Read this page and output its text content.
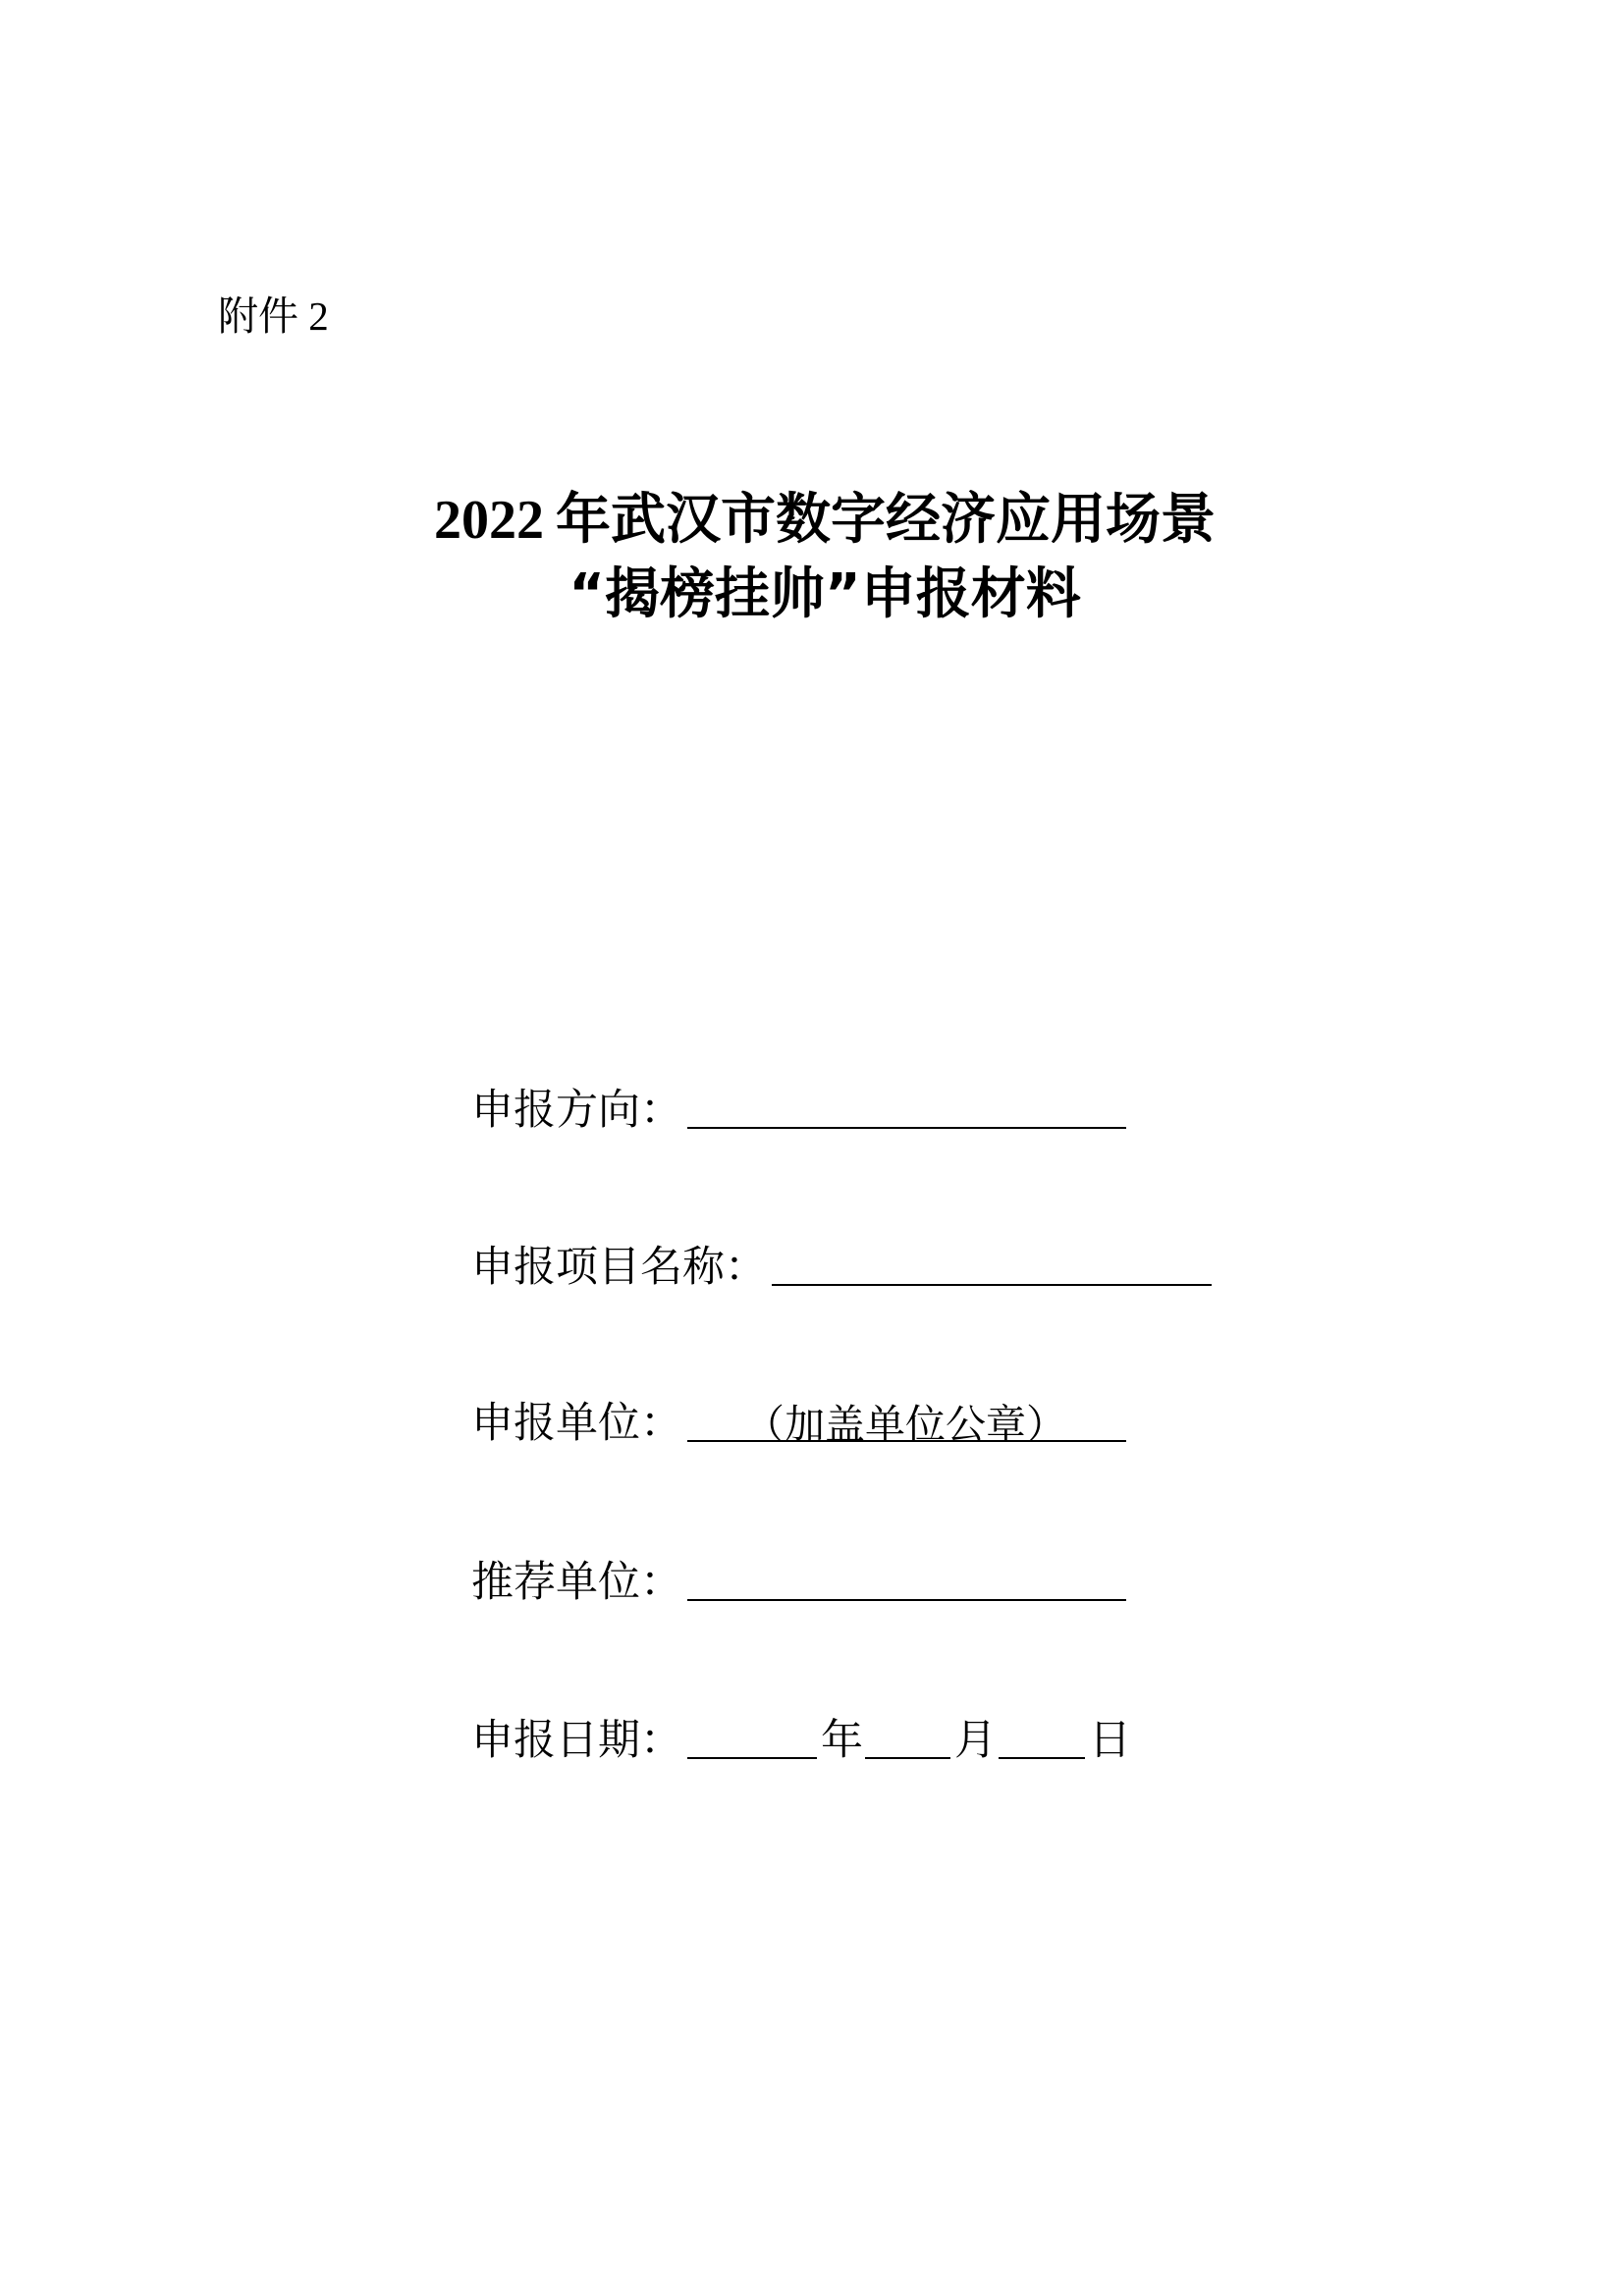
附件 2
2022 年武汉市数字经济应用场景
“揭榜挂帅”申报材料
申报方向：
申报项目名称：
申报单位：	（加盖单位公章）
推荐单位：
申报日期：	年 月 日
